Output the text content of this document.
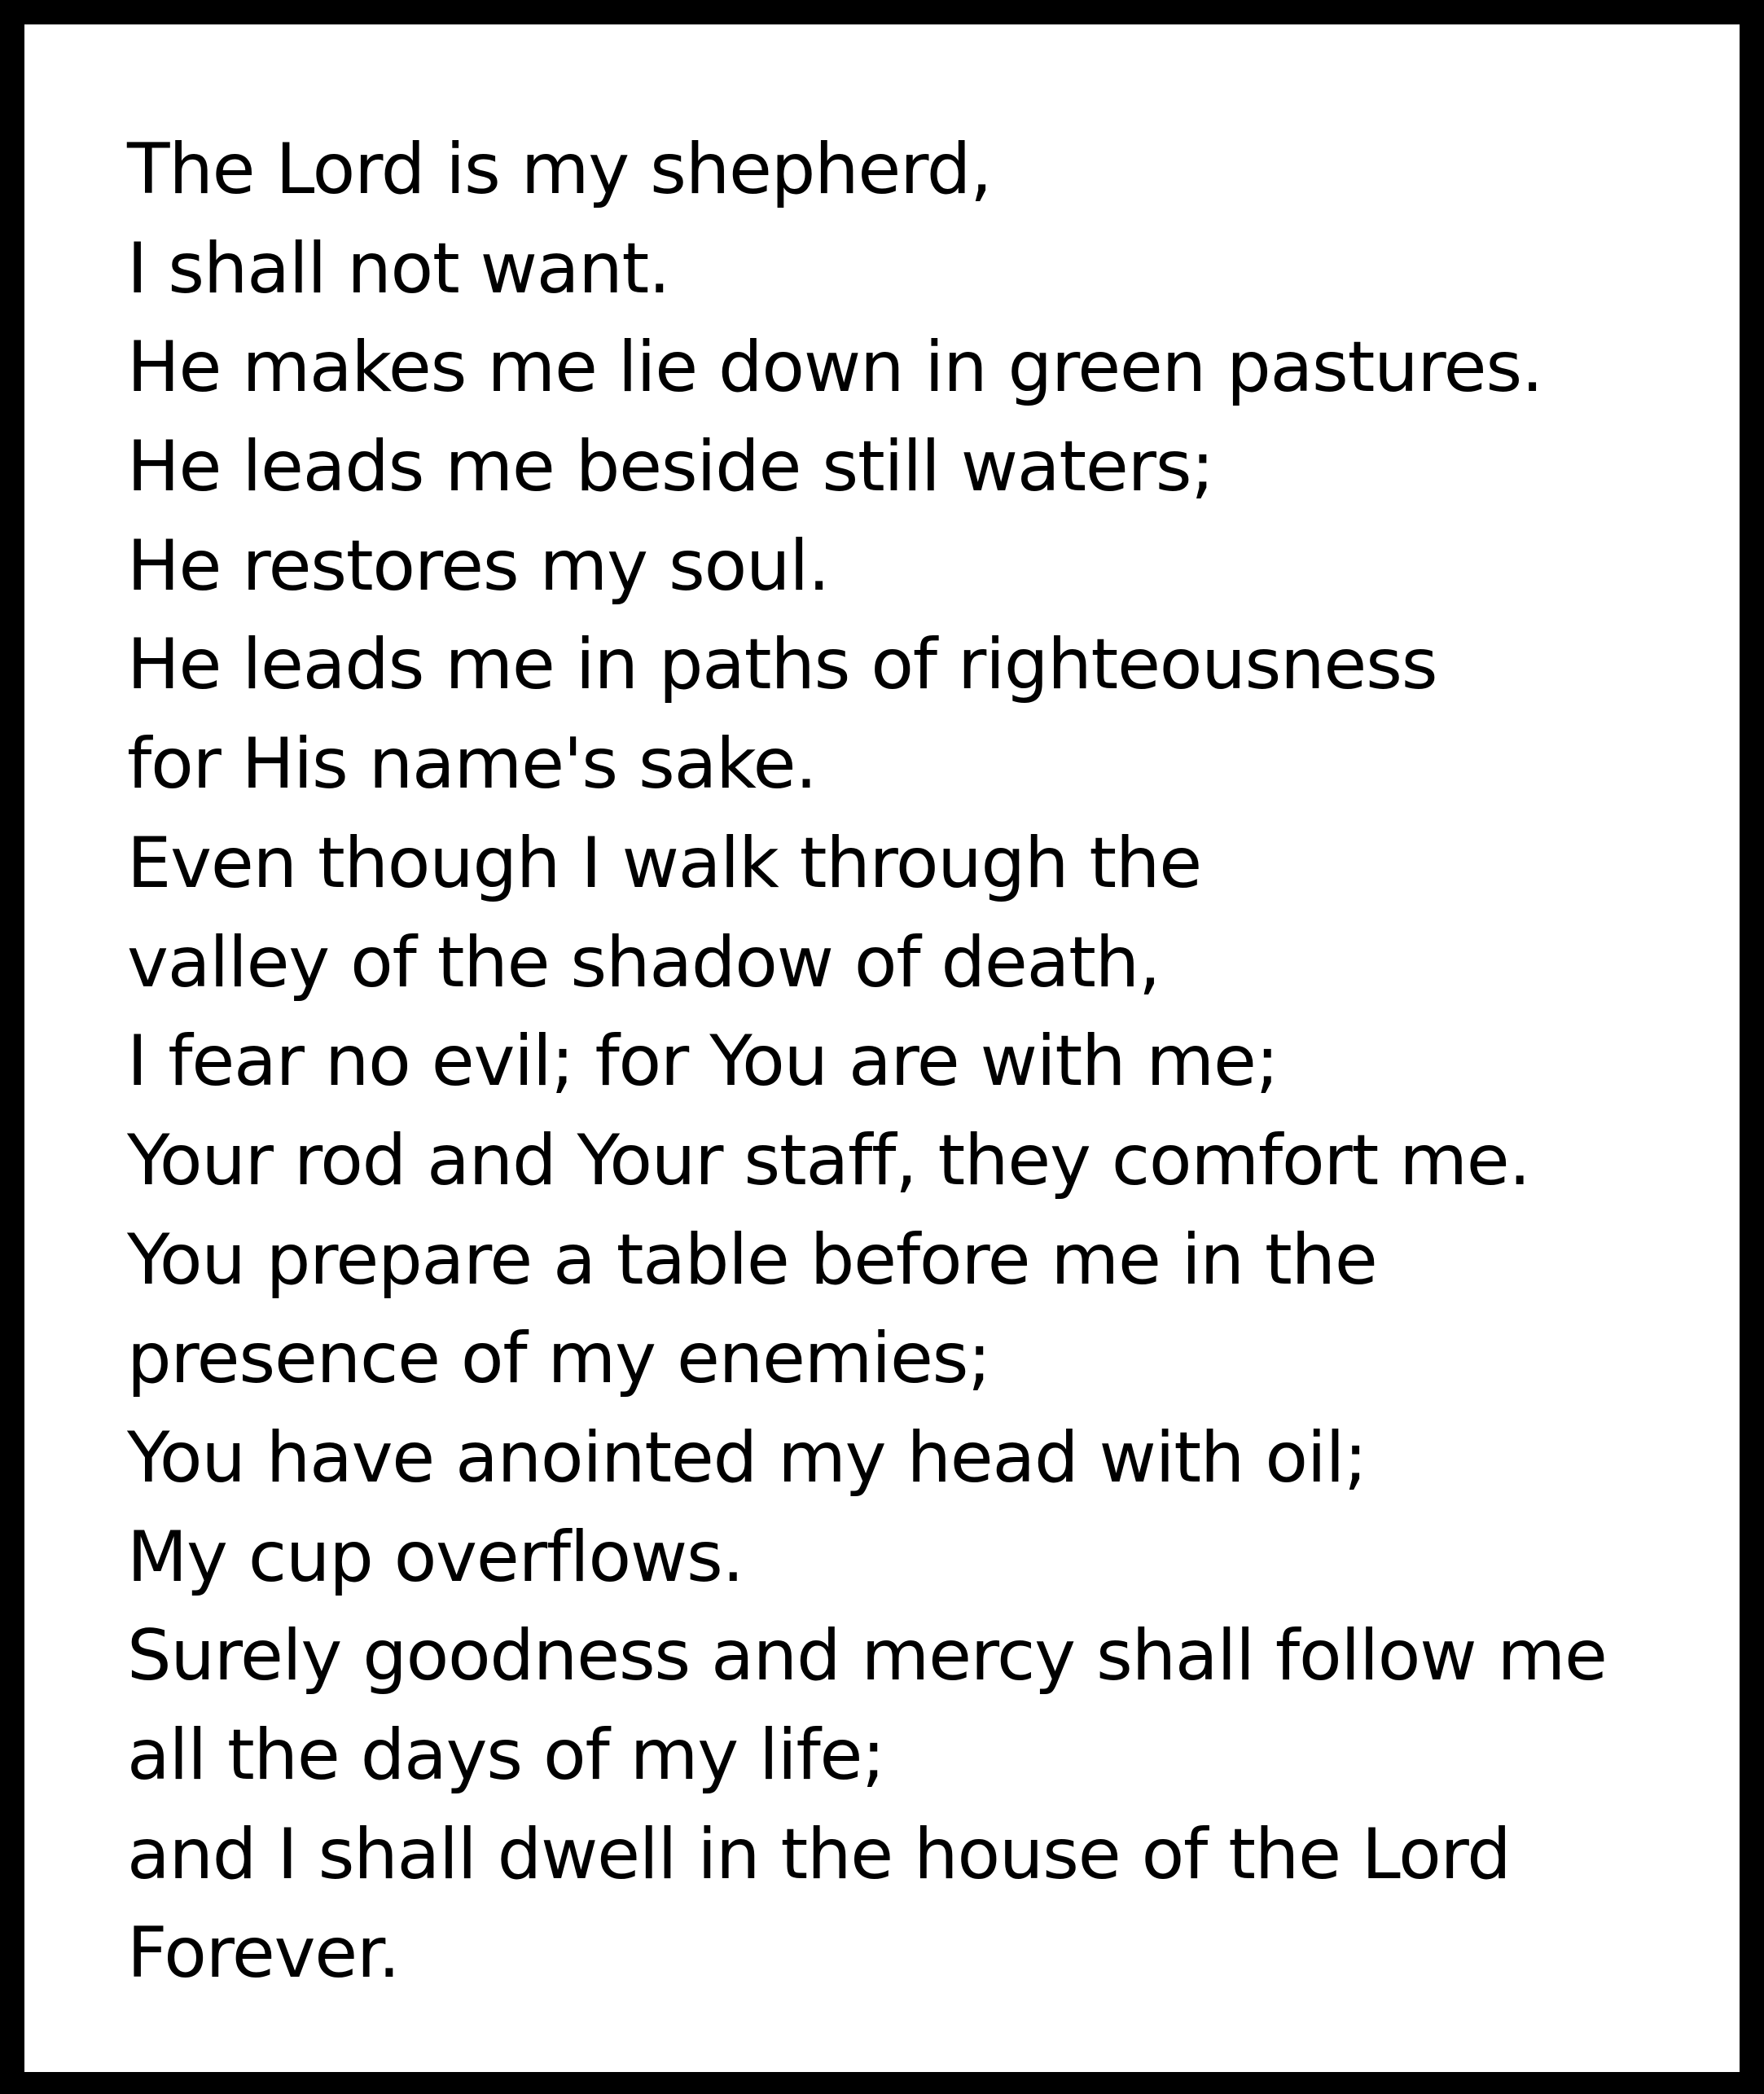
The Lord is my shepherd,
I shall not want.
He makes me lie down in green pastures.
He leads me beside still waters;
He restores my soul.
He leads me in paths of righteousness
for His name's sake.
Even though I walk through the
valley of the shadow of death,
I fear no evil; for You are with me;
Your rod and Your staff, they comfort me.
You prepare a table before me in the
presence of my enemies;
You have anointed my head with oil;
My cup overflows.
Surely goodness and mercy shall follow me
all the days of my life;
and I shall dwell in the house of the Lord
Forever.
